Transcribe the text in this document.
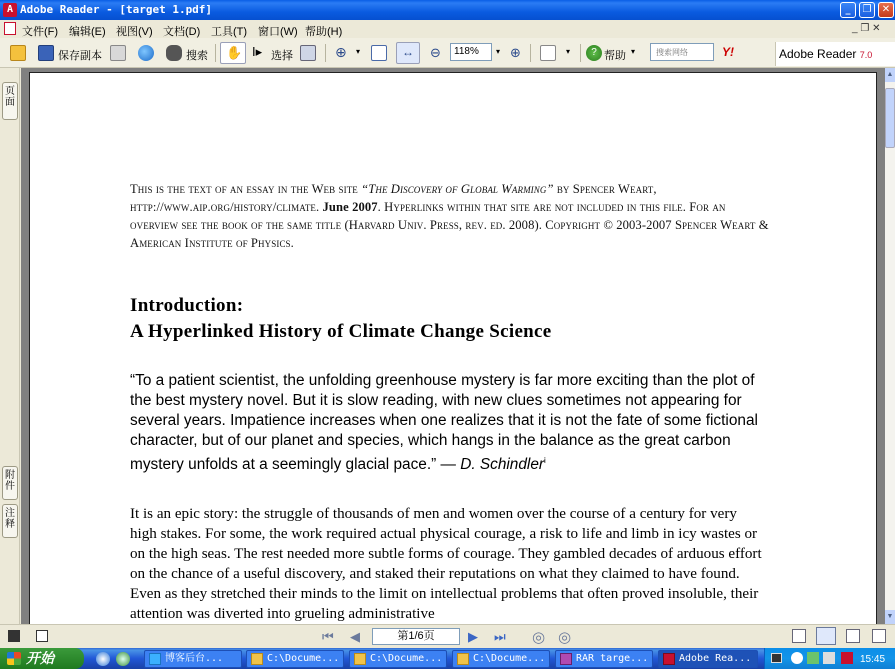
A Adobe Reader - [target 1.pdf]	_	❐	✕
文件(F) 编辑(E) 视图(V) 文档(D) 工具(T) 窗口(W) 帮助(H)	_ ❐ ✕
保存副本	搜索 ✋ I▸ 选择	⊕ ▾	↔ ⊖	⊕	▾	? 帮助 ▾
118%	▾	搜索网络	Y!	Adobe Reader 7.0
页面
附件
注释
This is the text of an essay in the Web site “The Discovery of Global Warming” by Spencer Weart, http://www.aip.org/history/climate. June 2007. Hyperlinks within that site are not included in this file. For an overview see the book of the same title (Harvard Univ. Press, rev. ed. 2008). Copyright © 2003-2007 Spencer Weart & American Institute of Physics.
Introduction:
A Hyperlinked History of Climate Change Science
“To a patient scientist, the unfolding greenhouse mystery is far more exciting than the plot of the best mystery novel. But it is slow reading, with new clues sometimes not appearing for several years. Impatience increases when one realizes that it is not the fate of some fictional character, but of our planet and species, which hangs in the balance as the great carbon mystery unfolds at a seemingly glacial pace.” — D. Schindler$^i$
It is an epic story: the struggle of thousands of men and women over the course of a century for very high stakes. For some, the work required actual physical courage, a risk to life and limb in icy wastes or on the high seas. The rest needed more subtle forms of courage. They gambled decades of arduous effort on the chance of a useful discovery, and staked their reputations on what they claimed to have found. Even as they stretched their minds to the limit on intellectual problems that often proved insoluble, their attention was diverted into grueling administrative
▲
▼
⏮ ◀	▶ ⏭ ◎ ◎
第1/6页
开始	博客后台...	C:\Docume...	C:\Docume...	C:\Docume...	RAR targe...	Adobe Rea...	15:45
